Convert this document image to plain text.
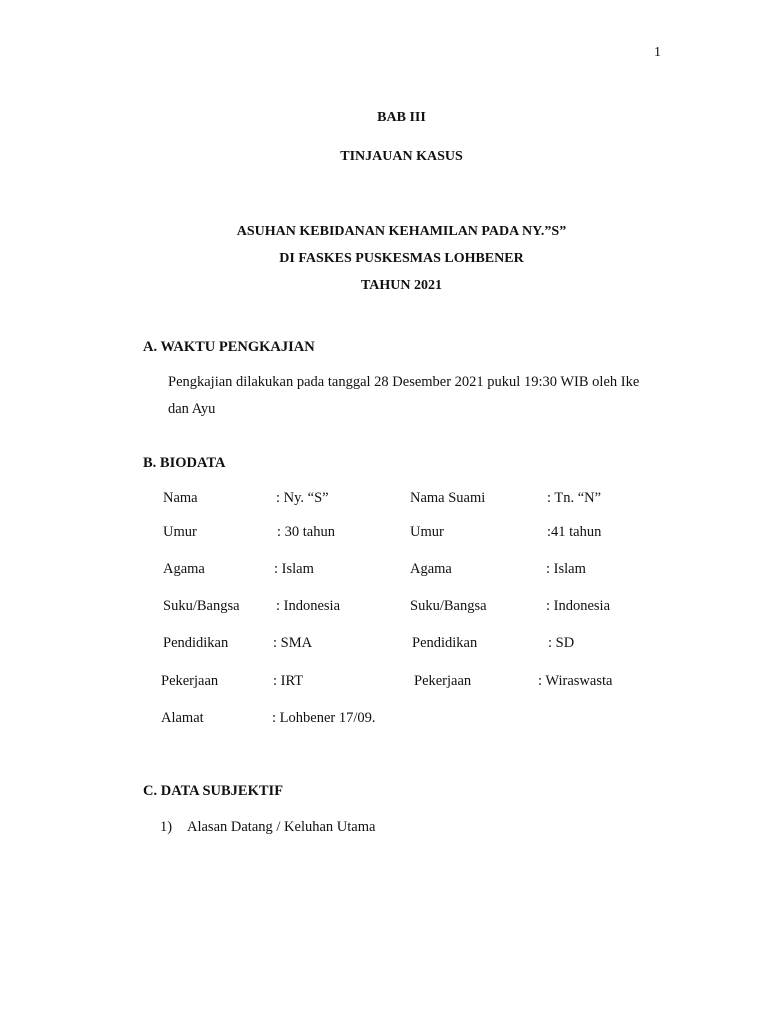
1
BAB III
TINJAUAN KASUS
ASUHAN KEBIDANAN KEHAMILAN PADA NY.”S”
DI FASKES PUSKESMAS LOHBENER
TAHUN 2021
A. WAKTU PENGKAJIAN
Pengkajian dilakukan pada tanggal 28 Desember 2021 pukul 19:30 WIB oleh Ike
dan Ayu
B. BIODATA
Nama	: Ny. “S”	Nama Suami	: Tn. “N”
Umur	: 30 tahun	Umur	:41 tahun
Agama	: Islam	Agama	: Islam
Suku/Bangsa	: Indonesia	Suku/Bangsa	: Indonesia
Pendidikan	: SMA	Pendidikan	: SD
Pekerjaan	: IRT	Pekerjaan	: Wiraswasta
Alamat	: Lohbener 17/09.
C. DATA SUBJEKTIF
1) Alasan Datang / Keluhan Utama
